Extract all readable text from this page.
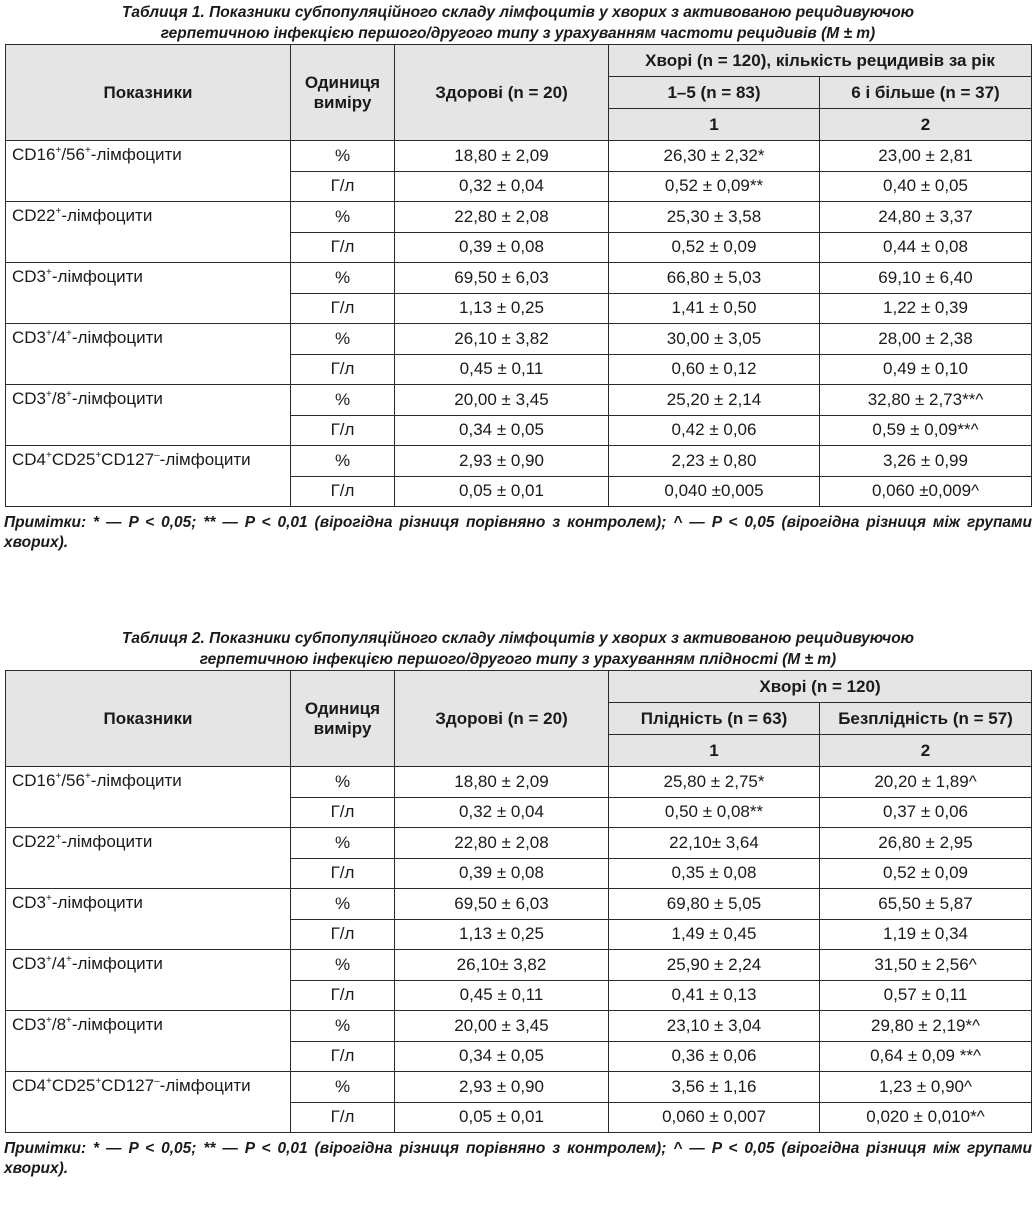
Таблиця 1. Показники субпопуляційного складу лімфоцитів у хворих з активованою рецидивуючою
герпетичною інфекцією першого/другого типу з урахуванням частоти рецидивів (M ± m)
Показники	Одиниця виміру	Здорові (n = 20)	Хворі (n = 120), кількість рецидивів за рік	
			1–5 (n = 83)	6 і більше (n = 37)
			1	2
CD16+/56+-лімфоцити	%	18,80 ± 2,09	26,30 ± 2,32*	23,00 ± 2,81
	Г/л	0,32 ± 0,04	0,52 ± 0,09**	0,40 ± 0,05
CD22+-лімфоцити	%	22,80 ± 2,08	25,30 ± 3,58	24,80 ± 3,37
	Г/л	0,39 ± 0,08	0,52 ± 0,09	0,44 ± 0,08
CD3+-лімфоцити	%	69,50 ± 6,03	66,80 ± 5,03	69,10 ± 6,40
	Г/л	1,13 ± 0,25	1,41 ± 0,50	1,22 ± 0,39
CD3+/4+-лімфоцити	%	26,10 ± 3,82	30,00 ± 3,05	28,00 ± 2,38
	Г/л	0,45 ± 0,11	0,60 ± 0,12	0,49 ± 0,10
CD3+/8+-лімфоцити	%	20,00 ± 3,45	25,20 ± 2,14	32,80 ± 2,73**^
	Г/л	0,34 ± 0,05	0,42 ± 0,06	0,59 ± 0,09**^
CD4+CD25+CD127–-лімфоцити	%	2,93 ± 0,90	2,23 ± 0,80	3,26 ± 0,99
	Г/л	0,05 ± 0,01	0,040 ±0,005	0,060 ±0,009^

Примітки: * — P < 0,05; ** — P < 0,01 (вірогідна різниця порівняно з контролем); ^ — P < 0,05 (вірогідна різниця між групами хворих).

Таблиця 2. Показники субпопуляційного складу лімфоцитів у хворих з активованою рецидивуючою
герпетичною інфекцією першого/другого типу з урахуванням плідності (M ± m)
Показники	Одиниця виміру	Здорові (n = 20)	Хворі (n = 120)	
			Плідність (n = 63)	Безплідність (n = 57)
			1	2
CD16+/56+-лімфоцити	%	18,80 ± 2,09	25,80 ± 2,75*	20,20 ± 1,89^
	Г/л	0,32 ± 0,04	0,50 ± 0,08**	0,37 ± 0,06
CD22+-лімфоцити	%	22,80 ± 2,08	22,10± 3,64	26,80 ± 2,95
	Г/л	0,39 ± 0,08	0,35 ± 0,08	0,52 ± 0,09
CD3+-лімфоцити	%	69,50 ± 6,03	69,80 ± 5,05	65,50 ± 5,87
	Г/л	1,13 ± 0,25	1,49 ± 0,45	1,19 ± 0,34
CD3+/4+-лімфоцити	%	26,10± 3,82	25,90 ± 2,24	31,50 ± 2,56^
	Г/л	0,45 ± 0,11	0,41 ± 0,13	0,57 ± 0,11
CD3+/8+-лімфоцити	%	20,00 ± 3,45	23,10 ± 3,04	29,80 ± 2,19*^
	Г/л	0,34 ± 0,05	0,36 ± 0,06	0,64 ± 0,09 **^
CD4+CD25+CD127–-лімфоцити	%	2,93 ± 0,90	3,56 ± 1,16	1,23 ± 0,90^
	Г/л	0,05 ± 0,01	0,060 ± 0,007	0,020 ± 0,010*^

Примітки: * — P < 0,05; ** — P < 0,01 (вірогідна різниця порівняно з контролем); ^ — P < 0,05 (вірогідна різниця між групами хворих).
